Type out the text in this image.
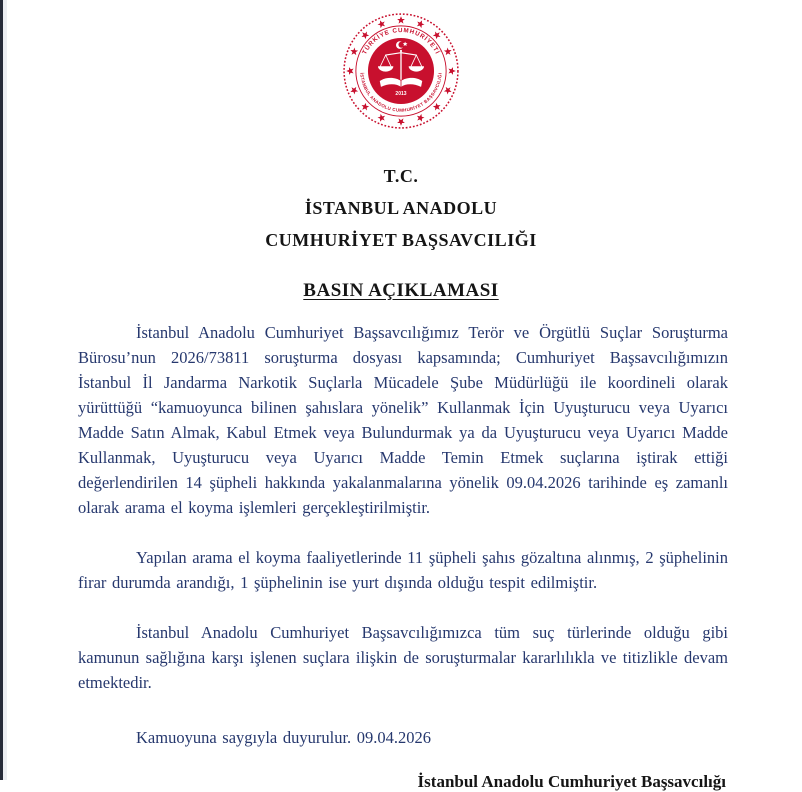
TÜRKİYE CUMHURİYETİ
İSTANBUL ANADOLU CUMHURİYET BAŞSAVCILIĞI
2013
T.C.
İSTANBUL ANADOLU
CUMHURİYET BAŞSAVCILIĞI
BASIN AÇIKLAMASI

İstanbul Anadolu Cumhuriyet Başsavcılığımız Terör ve Örgütlü Suçlar Soruşturma Bürosu’nun 2026/73811 soruşturma dosyası kapsamında; Cumhuriyet Başsavcılığımızın İstanbul İl Jandarma Narkotik Suçlarla Mücadele Şube Müdürlüğü ile koordineli olarak yürüttüğü “kamuoyunca bilinen şahıslara yönelik” Kullanmak İçin Uyuşturucu veya Uyarıcı Madde Satın Almak, Kabul Etmek veya Bulundurmak ya da Uyuşturucu veya Uyarıcı Madde Kullanmak, Uyuşturucu veya Uyarıcı Madde Temin Etmek suçlarına iştirak ettiği değerlendirilen 14 şüpheli hakkında yakalanmalarına yönelik 09.04.2026 tarihinde eş zamanlı olarak arama el koyma işlemleri gerçekleştirilmiştir.

Yapılan arama el koyma faaliyetlerinde 11 şüpheli şahıs gözaltına alınmış, 2 şüphelinin firar durumda arandığı, 1 şüphelinin ise yurt dışında olduğu tespit edilmiştir.

İstanbul Anadolu Cumhuriyet Başsavcılığımızca tüm suç türlerinde olduğu gibi kamunun sağlığına karşı işlenen suçlara ilişkin de soruşturmalar kararlılıkla ve titizlikle devam etmektedir.

Kamuoyuna saygıyla duyurulur. 09.04.2026

İstanbul Anadolu Cumhuriyet Başsavcılığı
